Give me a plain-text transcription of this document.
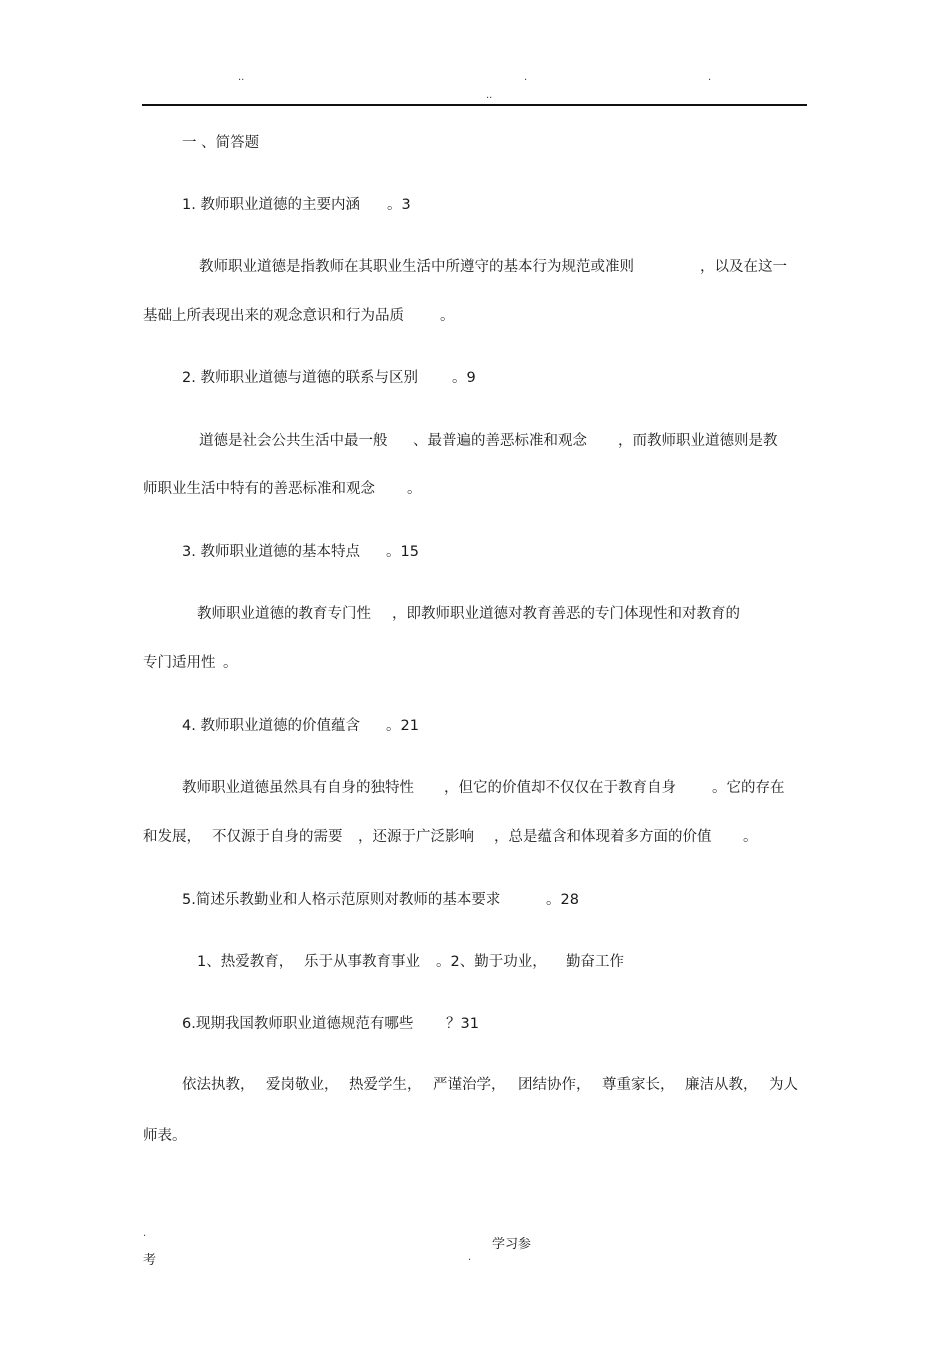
..	.	.
..
一 、简答题
1. 教师职业道德的主要内涵 。3
教师职业道德是指教师在其职业生活中所遵守的基本行为规范或准则	，以及在这一
基础上所表现出来的观念意识和行为品质 。
2. 教师职业道德与道德的联系与区别 。9
道德是社会公共生活中最一般 、最普遍的善恶标准和观念 ，而教师职业道德则是教
师职业生活中特有的善恶标准和观念 。
3. 教师职业道德的基本特点 。15
教师职业道德的教育专门性 ，即教师职业道德对教育善恶的专门体现性和对教育的
专门适用性 。
4. 教师职业道德的价值蕴含 。21
教师职业道德虽然具有自身的独特性 ，但它的价值却不仅仅在于教育自身 。它的存在
和发展， 不仅源于自身的需要 ，还源于广泛影响 ，总是蕴含和体现着多方面的价值 。
5.简述乐教勤业和人格示范原则对教师的基本要求	。28
1、热爱教育， 乐于从事教育事业 。2、勤于功业， 勤奋工作
6.现期我国教师职业道德规范有哪些 ？31
依法执教， 爱岗敬业， 热爱学生， 严谨治学， 团结协作， 尊重家长， 廉洁从教， 为人
师表。
.
学习参
考	.
